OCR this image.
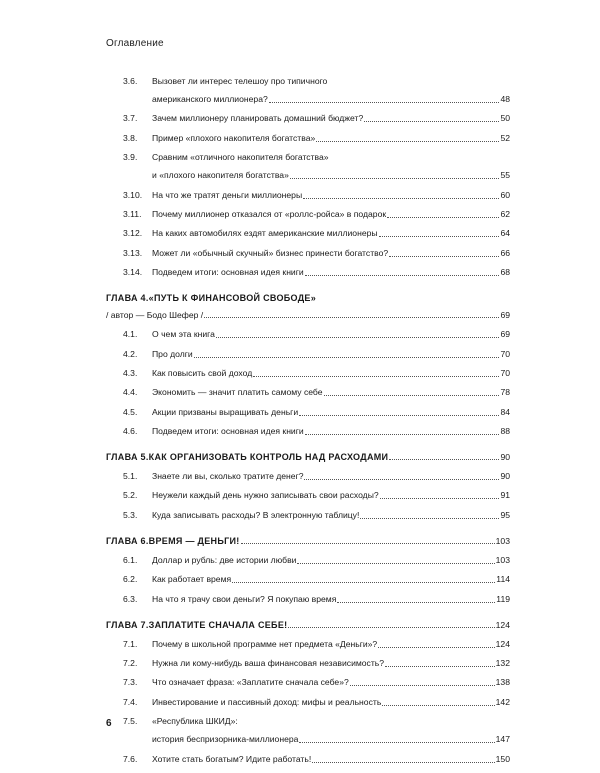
Оглавление
3.6.	Вызовет ли интерес телешоу про типичного
американского миллионера?	48
3.7.	Зачем миллионеру планировать домашний бюджет?	50
3.8.	Пример «плохого накопителя богатства»	52
3.9.	Сравним «отличного накопителя богатства»
и «плохого накопителя богатства»	55
3.10.	На что же тратят деньги миллионеры	60
3.11.	Почему миллионер отказался от «роллс-ройса» в подарок	62
3.12.	На каких автомобилях ездят американские миллионеры	64
3.13.	Может ли «обычный скучный» бизнес принести богатство?	66
3.14.	Подведем итоги: основная идея книги	68
ГЛАВА 4 . «ПУТЬ К ФИНАНСОВОЙ СВОБОДЕ»
/ автор — Бодо Шефер /	69
4.1.	О чем эта книга	69
4.2.	Про долги	70
4.3.	Как повысить свой доход	70
4.4.	Экономить — значит платить самому себе	78
4.5.	Акции призваны выращивать деньги	84
4.6.	Подведем итоги: основная идея книги	88
ГЛАВА 5 . КАК ОРГАНИЗОВАТЬ КОНТРОЛЬ НАД РАСХОДАМИ	90
5.1.	Знаете ли вы, сколько тратите денег?	90
5.2.	Неужели каждый день нужно записывать свои расходы?	91
5.3.	Куда записывать расходы? В электронную таблицу!	95
ГЛАВА 6 . ВРЕМЯ — ДЕНЬГИ!	103
6.1.	Доллар и рубль: две истории любви	103
6.2.	Как работает время	114
6.3.	На что я трачу свои деньги? Я покупаю время	119
ГЛАВА 7 . ЗАПЛАТИТЕ СНАЧАЛА СЕБЕ!	124
7.1.	Почему в школьной программе нет предмета «Деньги»?	124
7.2.	Нужна ли кому-нибудь ваша финансовая независимость?	132
7.3.	Что означает фраза: «Заплатите сначала себе»?	138
7.4.	Инвестирование и пассивный доход: мифы и реальность	142
7.5.	«Республика ШКИД»:
история беспризорника-миллионера	147
7.6.	Хотите стать богатым? Идите работать!	150
6
